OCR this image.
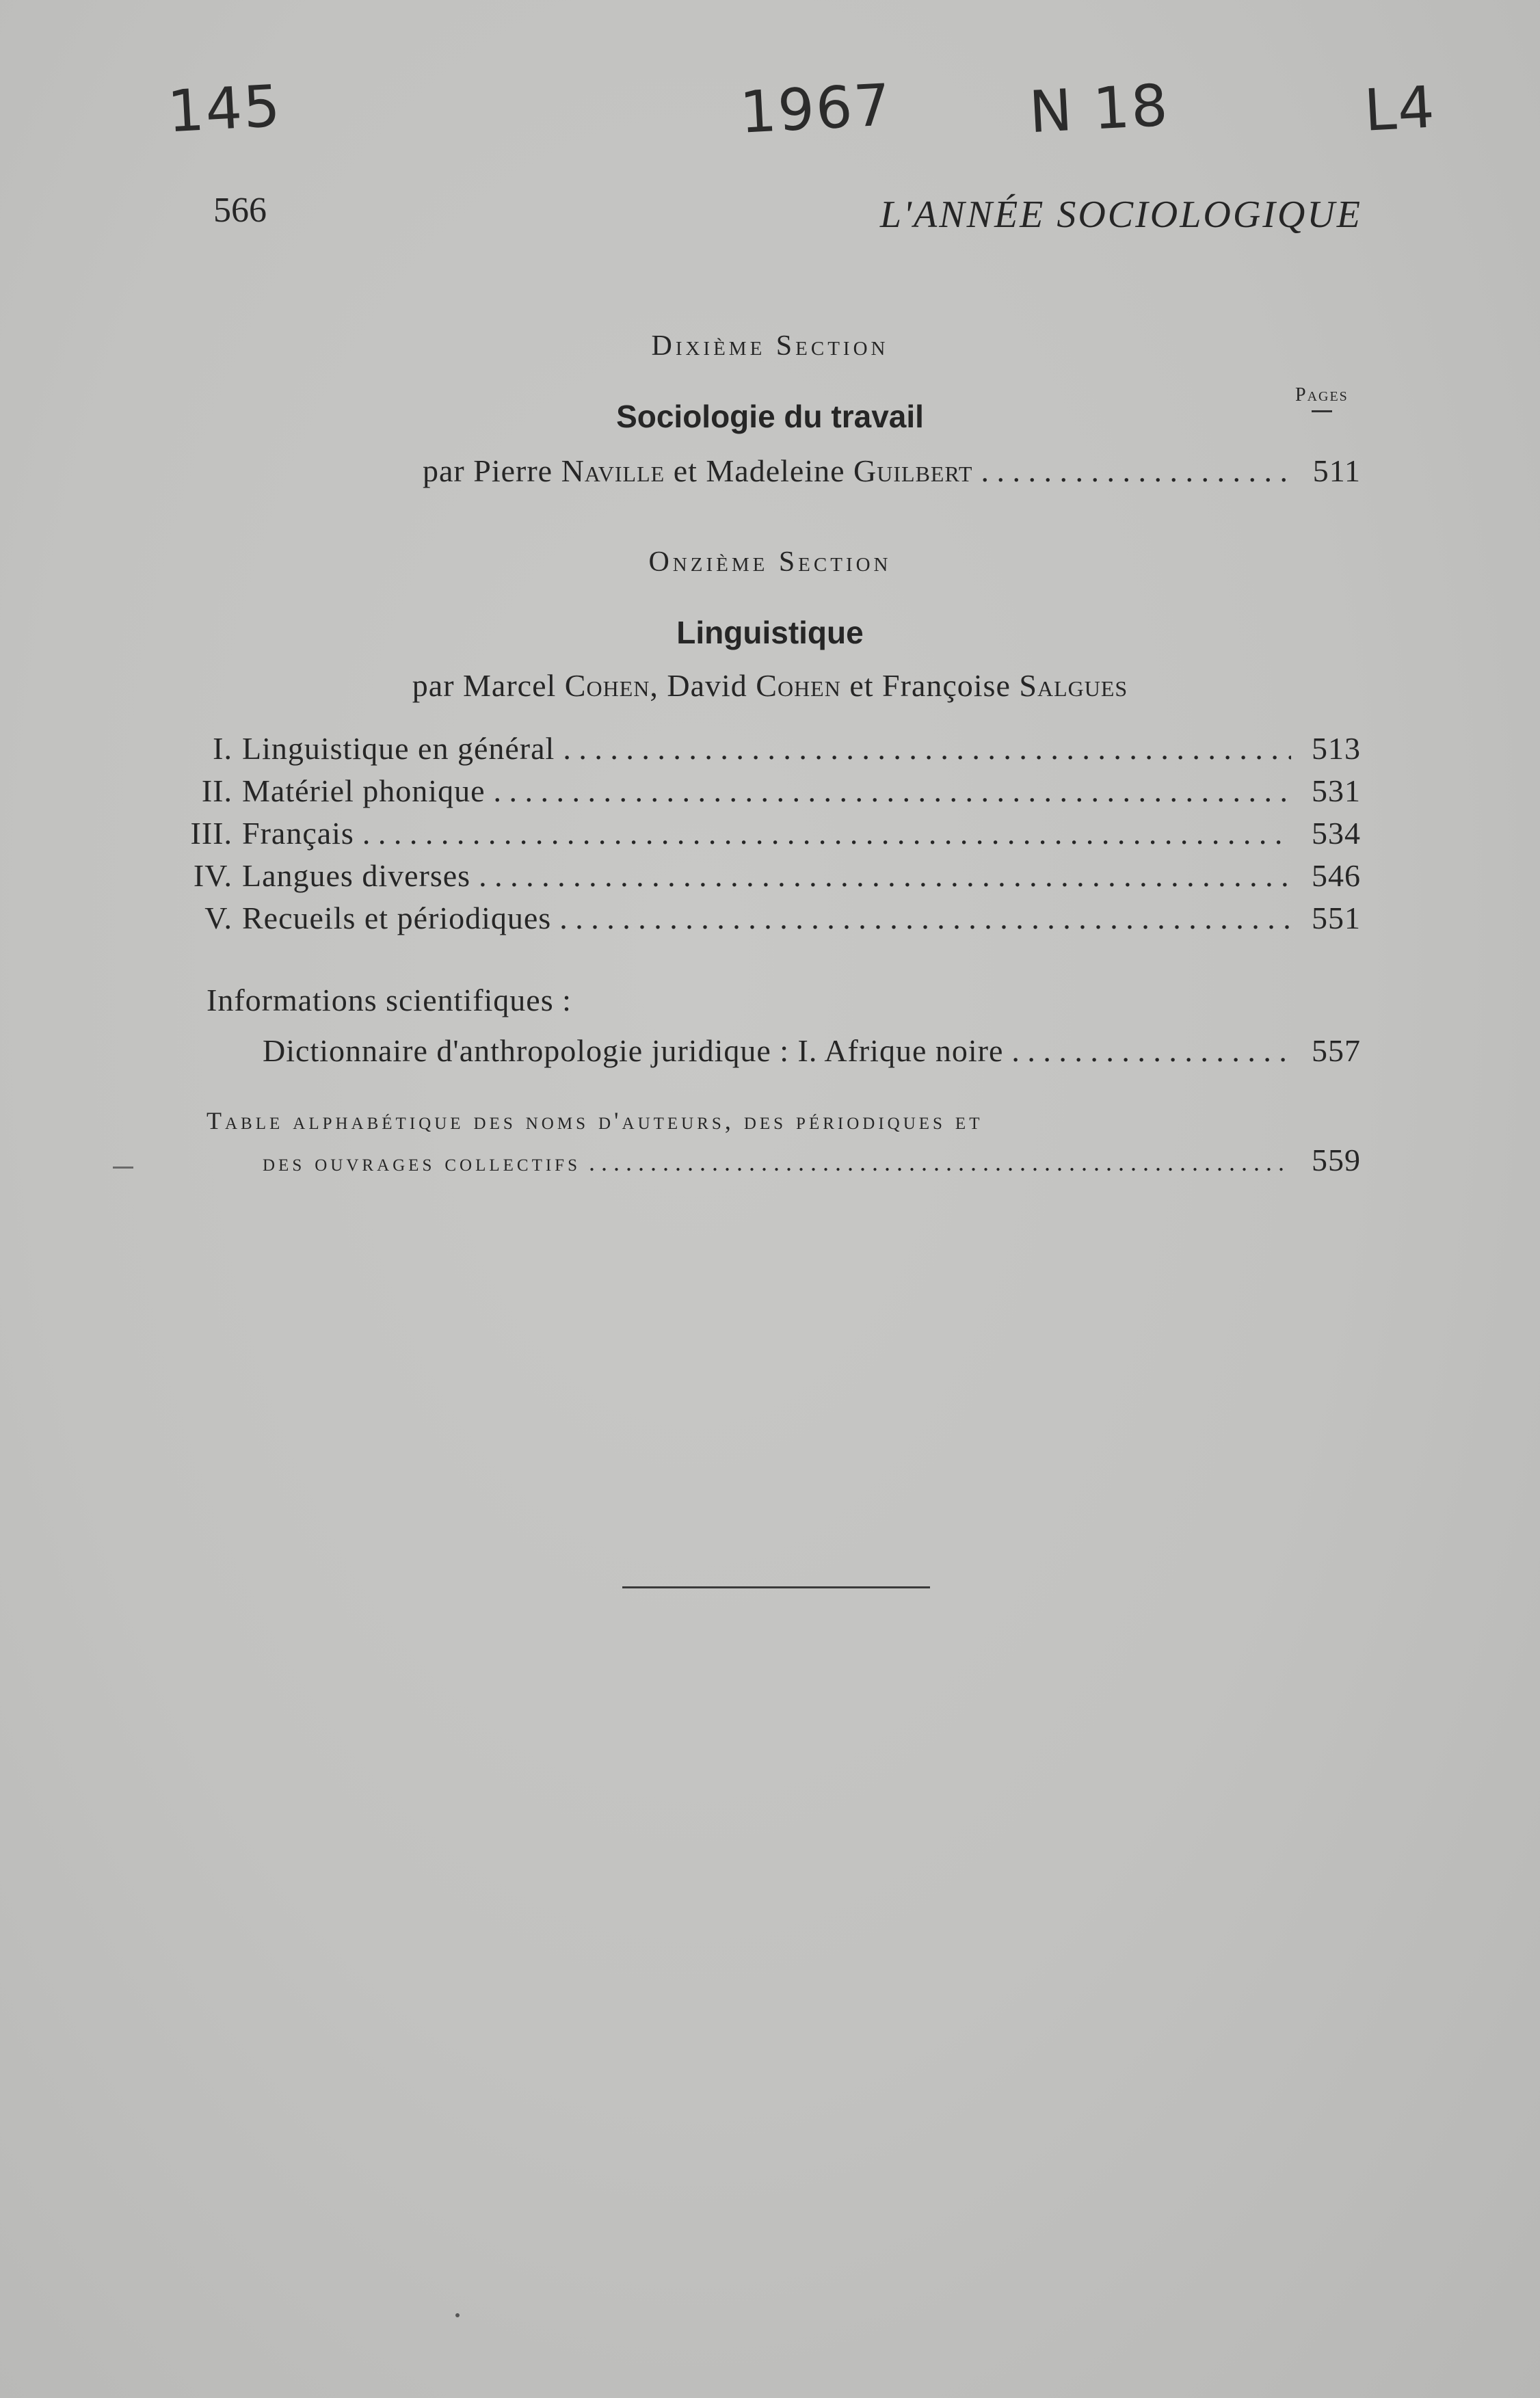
145	1967 N 18	L4
566	L'ANNÉE SOCIOLOGIQUE
Dixième Section
Pages
Sociologie du travail
par Pierre Naville et Madeleine Guilbert . . .	511
Onzième Section
Linguistique
par Marcel Cohen, David Cohen et Françoise Salgues
I. Linguistique en général . . .	513
II. Matériel phonique . . .	531
III. Français . . .	534
IV. Langues diverses . . .	546
V. Recueils et périodiques . . .	551
Informations scientifiques :
Dictionnaire d'anthropologie juridique : I. Afrique noire . . .	557
Table alphabétique des noms d'auteurs, des périodiques et
des ouvrages collectifs . . .	559
